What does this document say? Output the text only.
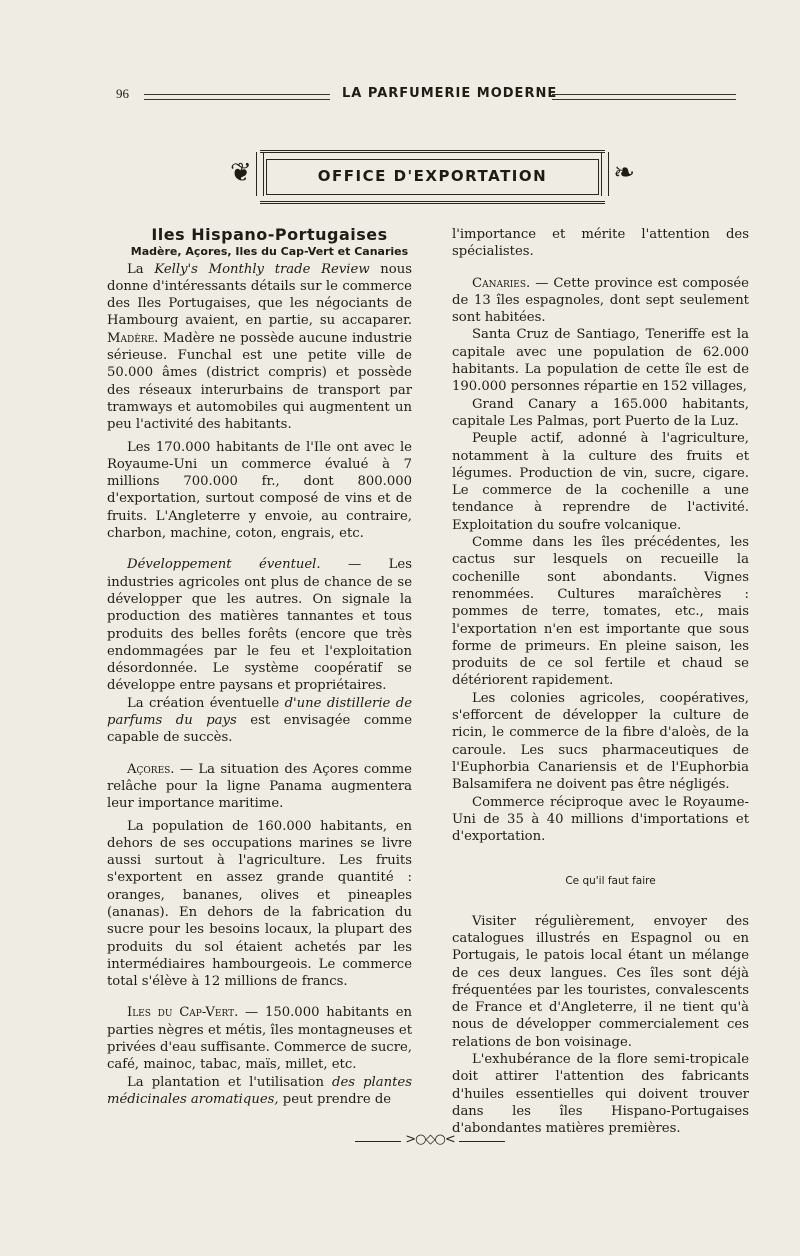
96	LA PARFUMERIE MODERNE
❦	OFFICE D'EXPORTATION	❧

Iles Hispano-Portugaises

Madère, Açores, Iles du Cap-Vert et Canaries

La Kelly's Monthly trade Review nous donne d'intéressants détails sur le commerce des Iles Portugaises, que les négociants de Hambourg avaient, en partie, su accaparer. Madère. Madère ne possède aucune industrie sérieuse. Funchal est une petite ville de 50.000 âmes (district compris) et possède des réseaux interurbains de transport par tramways et automobiles qui augmentent un peu l'activité des habitants.

Les 170.000 habitants de l'Ile ont avec le Royaume-Uni un commerce évalué à 7 millions 700.000 fr., dont 800.000 d'exportation, surtout composé de vins et de fruits. L'Angleterre y envoie, au contraire, charbon, machine, coton, engrais, etc.

Développement éventuel. — Les industries agricoles ont plus de chance de se développer que les autres. On signale la production des matières tannantes et tous produits des belles forêts (encore que très endommagées par le feu et l'exploitation désordonnée. Le système coopératif se développe entre paysans et propriétaires.

La création éventuelle d'une distillerie de parfums du pays est envisagée comme capable de succès.

Açores. — La situation des Açores comme relâche pour la ligne Panama augmentera leur importance maritime.

La population de 160.000 habitants, en dehors de ses occupations marines se livre aussi surtout à l'agriculture. Les fruits s'exportent en assez grande quantité : oranges, bananes, olives et pineaples (ananas). En dehors de la fabrication du sucre pour les besoins locaux, la plupart des produits du sol étaient achetés par les intermédiaires hambourgeois. Le commerce total s'élève à 12 millions de francs.

Iles du Cap-Vert. — 150.000 habitants en parties nègres et métis, îles montagneuses et privées d'eau suffisante. Commerce de sucre, café, mainoc, tabac, maïs, millet, etc.

La plantation et l'utilisation des plantes médicinales aromatiques, peut prendre de

l'importance et mérite l'attention des spécialistes.

Canaries. — Cette province est composée de 13 îles espagnoles, dont sept seulement sont habitées.

Santa Cruz de Santiago, Teneriffe est la capitale avec une population de 62.000 habitants. La population de cette île est de 190.000 personnes répartie en 152 villages,

Grand Canary a 165.000 habitants, capitale Les Palmas, port Puerto de la Luz.

Peuple actif, adonné à l'agriculture, notamment à la culture des fruits et légumes. Production de vin, sucre, cigare. Le commerce de la cochenille a une tendance à reprendre de l'activité. Exploitation du soufre volcanique.

Comme dans les îles précédentes, les cactus sur lesquels on recueille la cochenille sont abondants. Vignes renommées. Cultures maraîchères : pommes de terre, tomates, etc., mais l'exportation n'en est importante que sous forme de primeurs. En pleine saison, les produits de ce sol fertile et chaud se détériorent rapidement.

Les colonies agricoles, coopératives, s'efforcent de développer la culture de ricin, le commerce de la fibre d'aloès, de la caroule. Les sucs pharmaceutiques de l'Euphorbia Canariensis et de l'Euphorbia Balsamifera ne doivent pas être négligés.

Commerce réciproque avec le Royaume-Uni de 35 à 40 millions d'importations et d'exportation.

Ce qu'il faut faire

Visiter régulièrement, envoyer des catalogues illustrés en Espagnol ou en Portugais, le patois local étant un mélange de ces deux langues. Ces îles sont déjà fréquentées par les touristes, convalescents de France et d'Angleterre, il ne tient qu'à nous de développer commercialement ces relations de bon voisinage.

L'exhubérance de la flore semi-tropicale doit attirer l'attention des fabricants d'huiles essentielles qui doivent trouver dans les îles Hispano-Portugaises d'abondantes matières premières.

>○◇○<
